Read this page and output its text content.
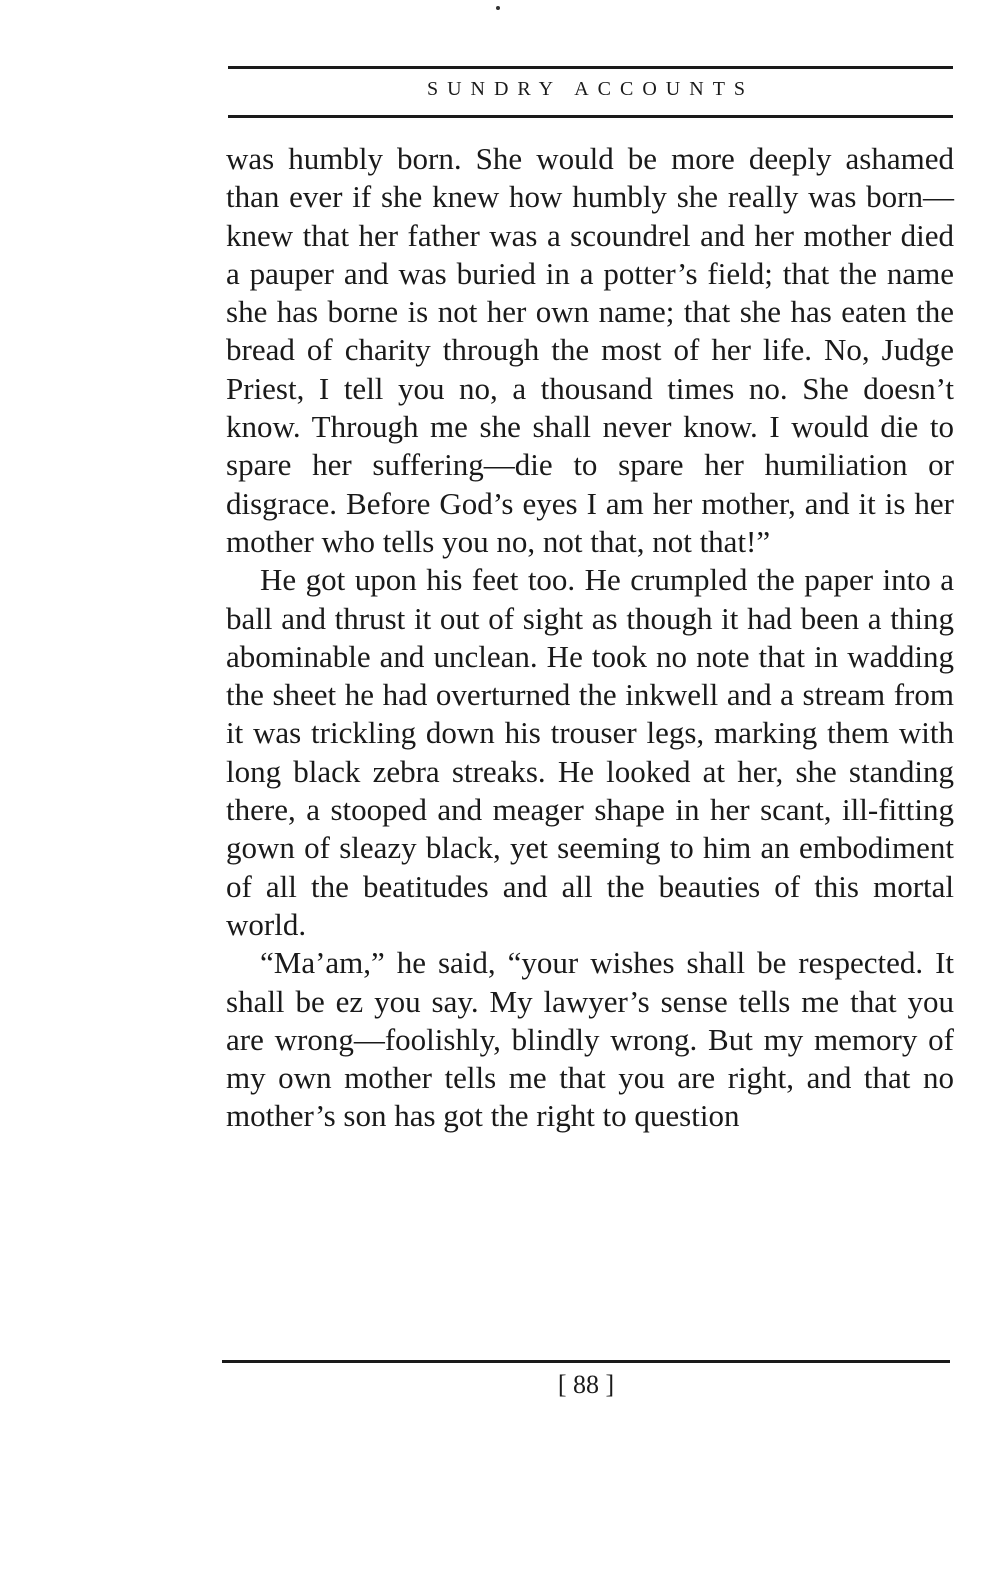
SUNDRY ACCOUNTS

was humbly born. She would be more deeply ashamed than ever if she knew how humbly she really was born—knew that her father was a scoundrel and her mother died a pauper and was buried in a potter’s field; that the name she has borne is not her own name; that she has eaten the bread of charity through the most of her life. No, Judge Priest, I tell you no, a thousand times no. She doesn’t know. Through me she shall never know. I would die to spare her suffering—die to spare her humiliation or disgrace. Before God’s eyes I am her mother, and it is her mother who tells you no, not that, not that!”

He got upon his feet too. He crumpled the paper into a ball and thrust it out of sight as though it had been a thing abominable and unclean. He took no note that in wadding the sheet he had overturned the inkwell and a stream from it was trickling down his trouser legs, marking them with long black zebra streaks. He looked at her, she standing there, a stooped and meager shape in her scant, ill-fitting gown of sleazy black, yet seeming to him an embodiment of all the beatitudes and all the beauties of this mortal world.

“Ma’am,” he said, “your wishes shall be respected. It shall be ez you say. My lawyer’s sense tells me that you are wrong—foolishly, blindly wrong. But my memory of my own mother tells me that you are right, and that no mother’s son has got the right to question

[ 88 ]
